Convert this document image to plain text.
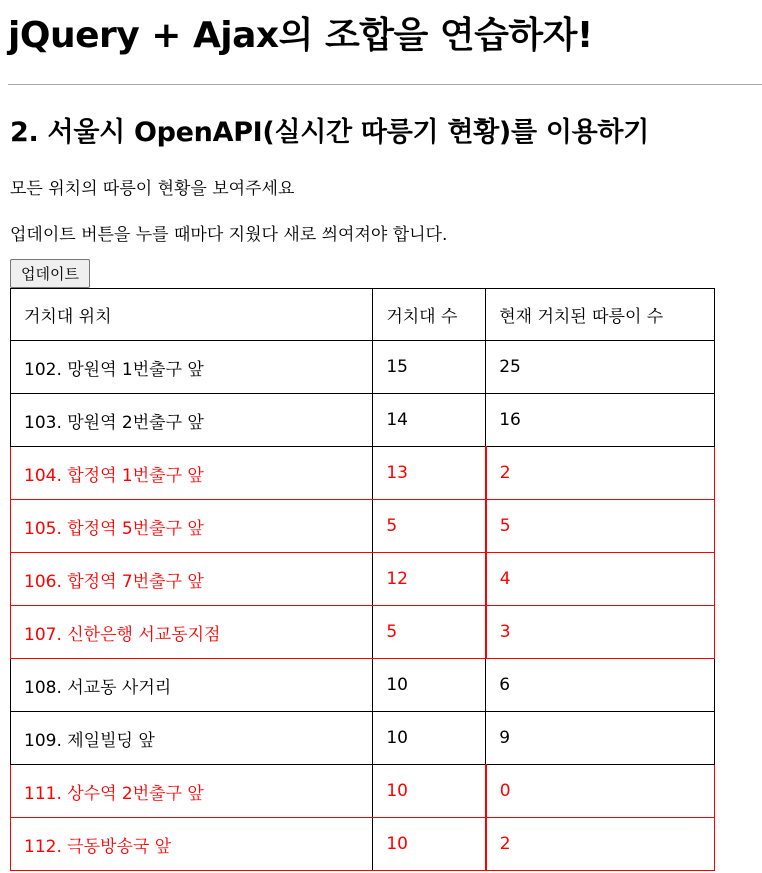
jQuery + Ajax의 조합을 연습하자!
2. 서울시 OpenAPI(실시간 따릉기 현황)를 이용하기

모든 위치의 따릉이 현황을 보여주세요

업데이트 버튼을 누를 때마다 지웠다 새로 씌여져야 합니다.

업데이트
거치대 위치	거치대 수	현재 거치된 따릉이 수
102. 망원역 1번출구 앞	15	25
103. 망원역 2번출구 앞	14	16
104. 합정역 1번출구 앞	13	2
105. 합정역 5번출구 앞	5	5
106. 합정역 7번출구 앞	12	4
107. 신한은행 서교동지점	5	3
108. 서교동 사거리	10	6
109. 제일빌딩 앞	10	9
111. 상수역 2번출구 앞	10	0
112. 극동방송국 앞	10	2
